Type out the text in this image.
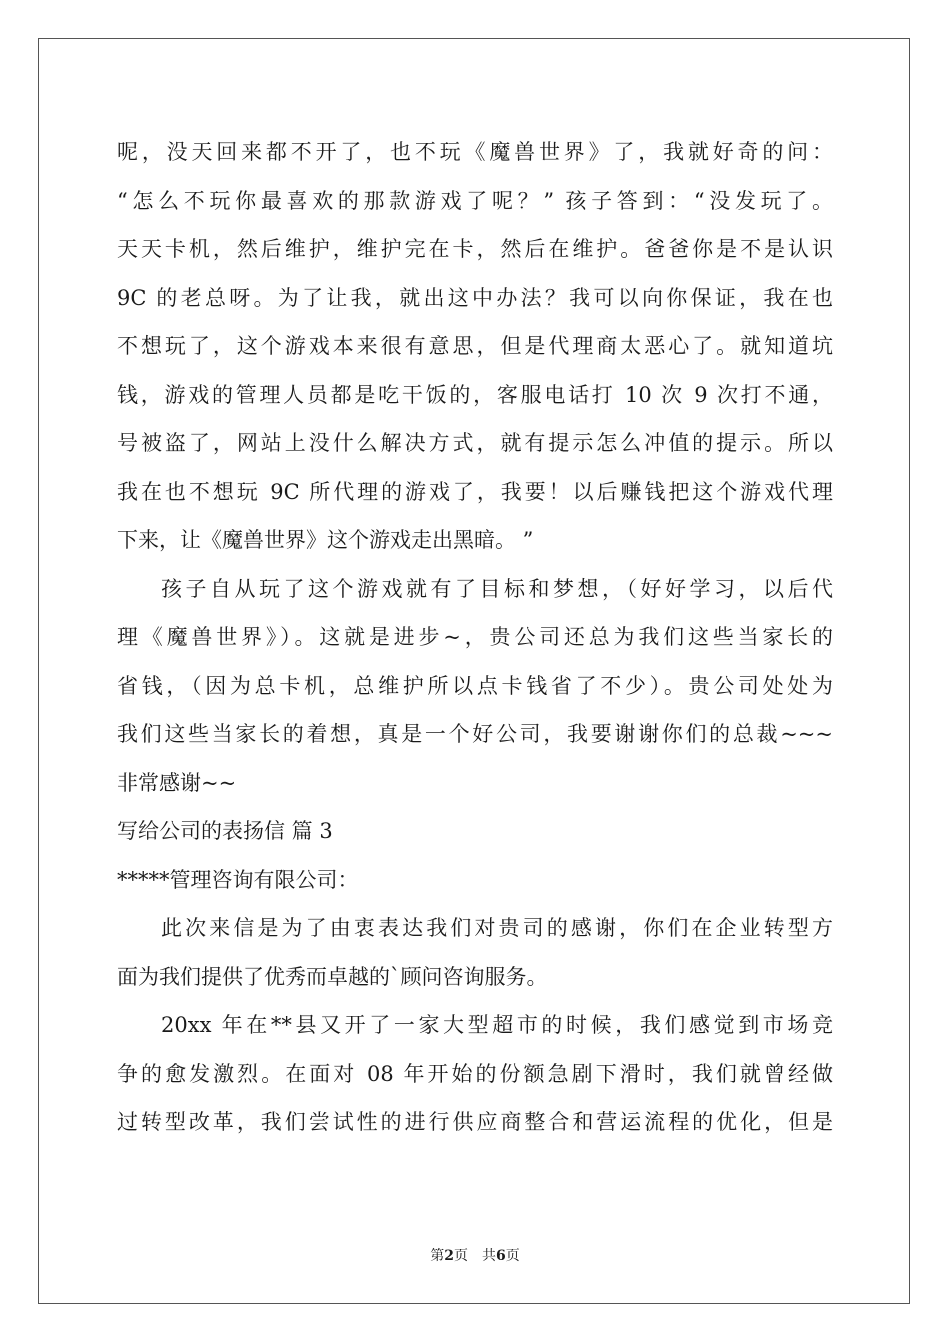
呢，没天回来都不开了，也不玩《魔兽世界》了，我就好奇的问：
“怎么不玩你最喜欢的那款游戏了呢？” 孩子答到：“没发玩了。
天天卡机，然后维护，维护完在卡，然后在维护。爸爸你是不是认识
9C 的老总呀。为了让我，就出这中办法？我可以向你保证，我在也
不想玩了，这个游戏本来很有意思，但是代理商太恶心了。就知道坑
钱，游戏的管理人员都是吃干饭的，客服电话打 10 次 9 次打不通，
号被盗了，网站上没什么解决方式，就有提示怎么冲值的提示。所以
我在也不想玩 9C 所代理的游戏了，我要！以后赚钱把这个游戏代理
下来，让《魔兽世界》这个游戏走出黑暗。 ”
孩子自从玩了这个游戏就有了目标和梦想，（好好学习，以后代
理《魔兽世界》）。这就是进步~，贵公司还总为我们这些当家长的
省钱，（因为总卡机，总维护所以点卡钱省了不少）。贵公司处处为
我们这些当家长的着想，真是一个好公司，我要谢谢你们的总裁~~~
非常感谢~~
写给公司的表扬信 篇 3
*****管理咨询有限公司：
此次来信是为了由衷表达我们对贵司的感谢，你们在企业转型方
面为我们提供了优秀而卓越的`顾问咨询服务。
20xx 年在**县又开了一家大型超市的时候，我们感觉到市场竞
争的愈发激烈。在面对 08 年开始的份额急剧下滑时，我们就曾经做
过转型改革，我们尝试性的进行供应商整合和营运流程的优化，但是
第2页 共6页
